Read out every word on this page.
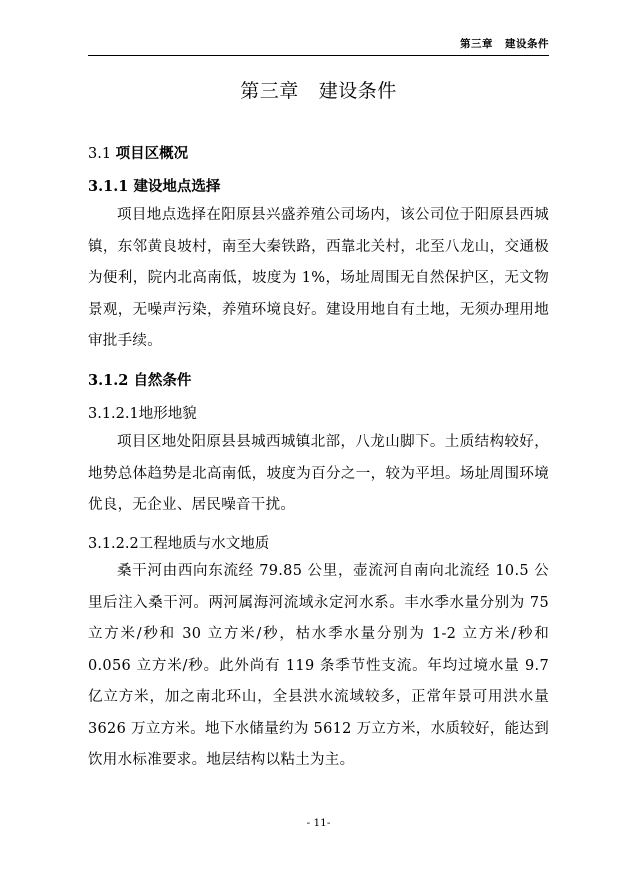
第三章 建设条件
第三章 建设条件
3.1 项目区概况
3.1.1 建设地点选择
项目地点选择在阳原县兴盛养殖公司场内，该公司位于阳原县西城镇，东邻黄良坡村，南至大秦铁路，西靠北关村，北至八龙山，交通极为便利，院内北高南低，坡度为 1%，场址周围无自然保护区，无文物景观，无噪声污染，养殖环境良好。建设用地自有土地，无须办理用地审批手续。
3.1.2 自然条件
3.1.2.1地形地貌
项目区地处阳原县县城西城镇北部，八龙山脚下。土质结构较好，地势总体趋势是北高南低，坡度为百分之一，较为平坦。场址周围环境优良，无企业、居民噪音干扰。
3.1.2.2工程地质与水文地质
桑干河由西向东流经 79.85 公里，壶流河自南向北流经 10.5 公里后注入桑干河。两河属海河流域永定河水系。丰水季水量分别为 75 立方米/秒和 30 立方米/秒，枯水季水量分别为 1-2 立方米/秒和 0.056 立方米/秒。此外尚有 119 条季节性支流。年均过境水量 9.7 亿立方米，加之南北环山，全县洪水流域较多，正常年景可用洪水量 3626 万立方米。地下水储量约为 5612 万立方米，水质较好，能达到饮用水标准要求。地层结构以粘土为主。
- 11-
